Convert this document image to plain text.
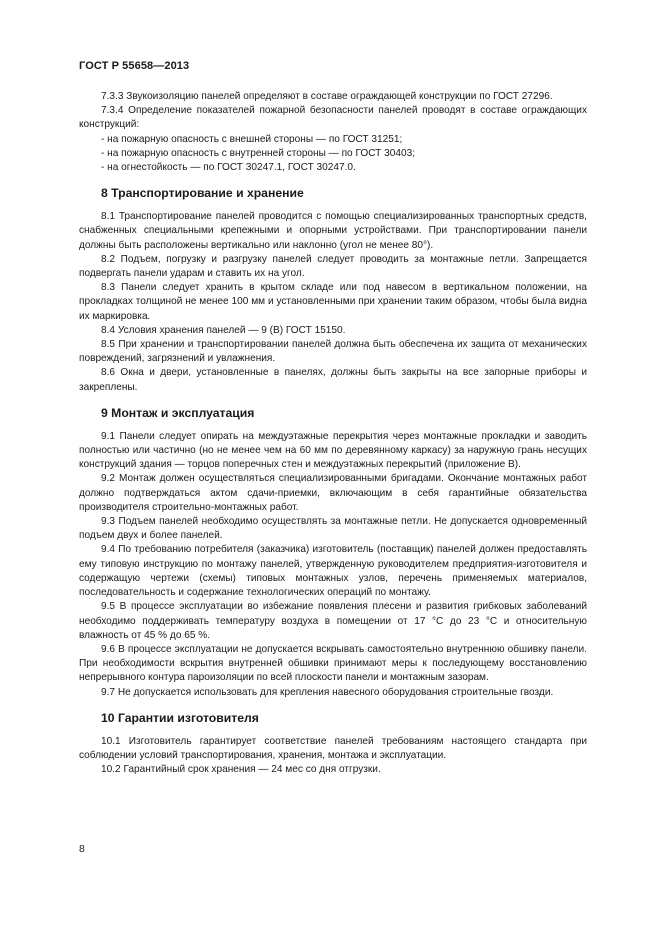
ГОСТ Р 55658—2013

7.3.3 Звукоизоляцию панелей определяют в составе ограждающей конструкции по ГОСТ 27296.

7.3.4 Определение показателей пожарной безопасности панелей проводят в составе ограждающих конструкций:

- на пожарную опасность с внешней стороны — по ГОСТ 31251;

- на пожарную опасность с внутренней стороны — по ГОСТ 30403;

- на огнестойкость — по ГОСТ 30247.1, ГОСТ 30247.0.

8 Транспортирование и хранение

8.1 Транспортирование панелей проводится с помощью специализированных транспортных средств, снабженных специальными крепежными и опорными устройствами. При транспортировании панели должны быть расположены вертикально или наклонно (угол не менее 80°).

8.2 Подъем, погрузку и разгрузку панелей следует проводить за монтажные петли. Запрещается подвергать панели ударам и ставить их на угол.

8.3 Панели следует хранить в крытом складе или под навесом в вертикальном положении, на прокладках толщиной не менее 100 мм и установленными при хранении таким образом, чтобы была видна их маркировка.

8.4 Условия хранения панелей — 9 (В) ГОСТ 15150.

8.5 При хранении и транспортировании панелей должна быть обеспечена их защита от механических повреждений, загрязнений и увлажнения.

8.6 Окна и двери, установленные в панелях, должны быть закрыты на все запорные приборы и закреплены.

9 Монтаж и эксплуатация

9.1 Панели следует опирать на междуэтажные перекрытия через монтажные прокладки и заводить полностью или частично (но не менее чем на 60 мм по деревянному каркасу) за наружную грань несущих конструкций здания — торцов поперечных стен и междуэтажных перекрытий (приложение В).

9.2 Монтаж должен осуществляться специализированными бригадами. Окончание монтажных работ должно подтверждаться актом сдачи-приемки, включающим в себя гарантийные обязательства производителя строительно-монтажных работ.

9.3 Подъем панелей необходимо осуществлять за монтажные петли. Не допускается одновременный подъем двух и более панелей.

9.4 По требованию потребителя (заказчика) изготовитель (поставщик) панелей должен предоставлять ему типовую инструкцию по монтажу панелей, утвержденную руководителем предприятия-изготовителя и содержащую чертежи (схемы) типовых монтажных узлов, перечень применяемых материалов, последовательность и содержание технологических операций по монтажу.

9.5 В процессе эксплуатации во избежание появления плесени и развития грибковых заболеваний необходимо поддерживать температуру воздуха в помещении от 17 °С до 23 °С и относительную влажность от 45 % до 65 %.

9.6 В процессе эксплуатации не допускается вскрывать самостоятельно внутреннюю обшивку панели. При необходимости вскрытия внутренней обшивки принимают меры к последующему восстановлению непрерывного контура пароизоляции по всей плоскости панели и монтажным зазорам.

9.7 Не допускается использовать для крепления навесного оборудования строительные гвозди.

10 Гарантии изготовителя

10.1 Изготовитель гарантирует соответствие панелей требованиям настоящего стандарта при соблюдении условий транспортирования, хранения, монтажа и эксплуатации.

10.2 Гарантийный срок хранения — 24 мес со дня отгрузки.

8
